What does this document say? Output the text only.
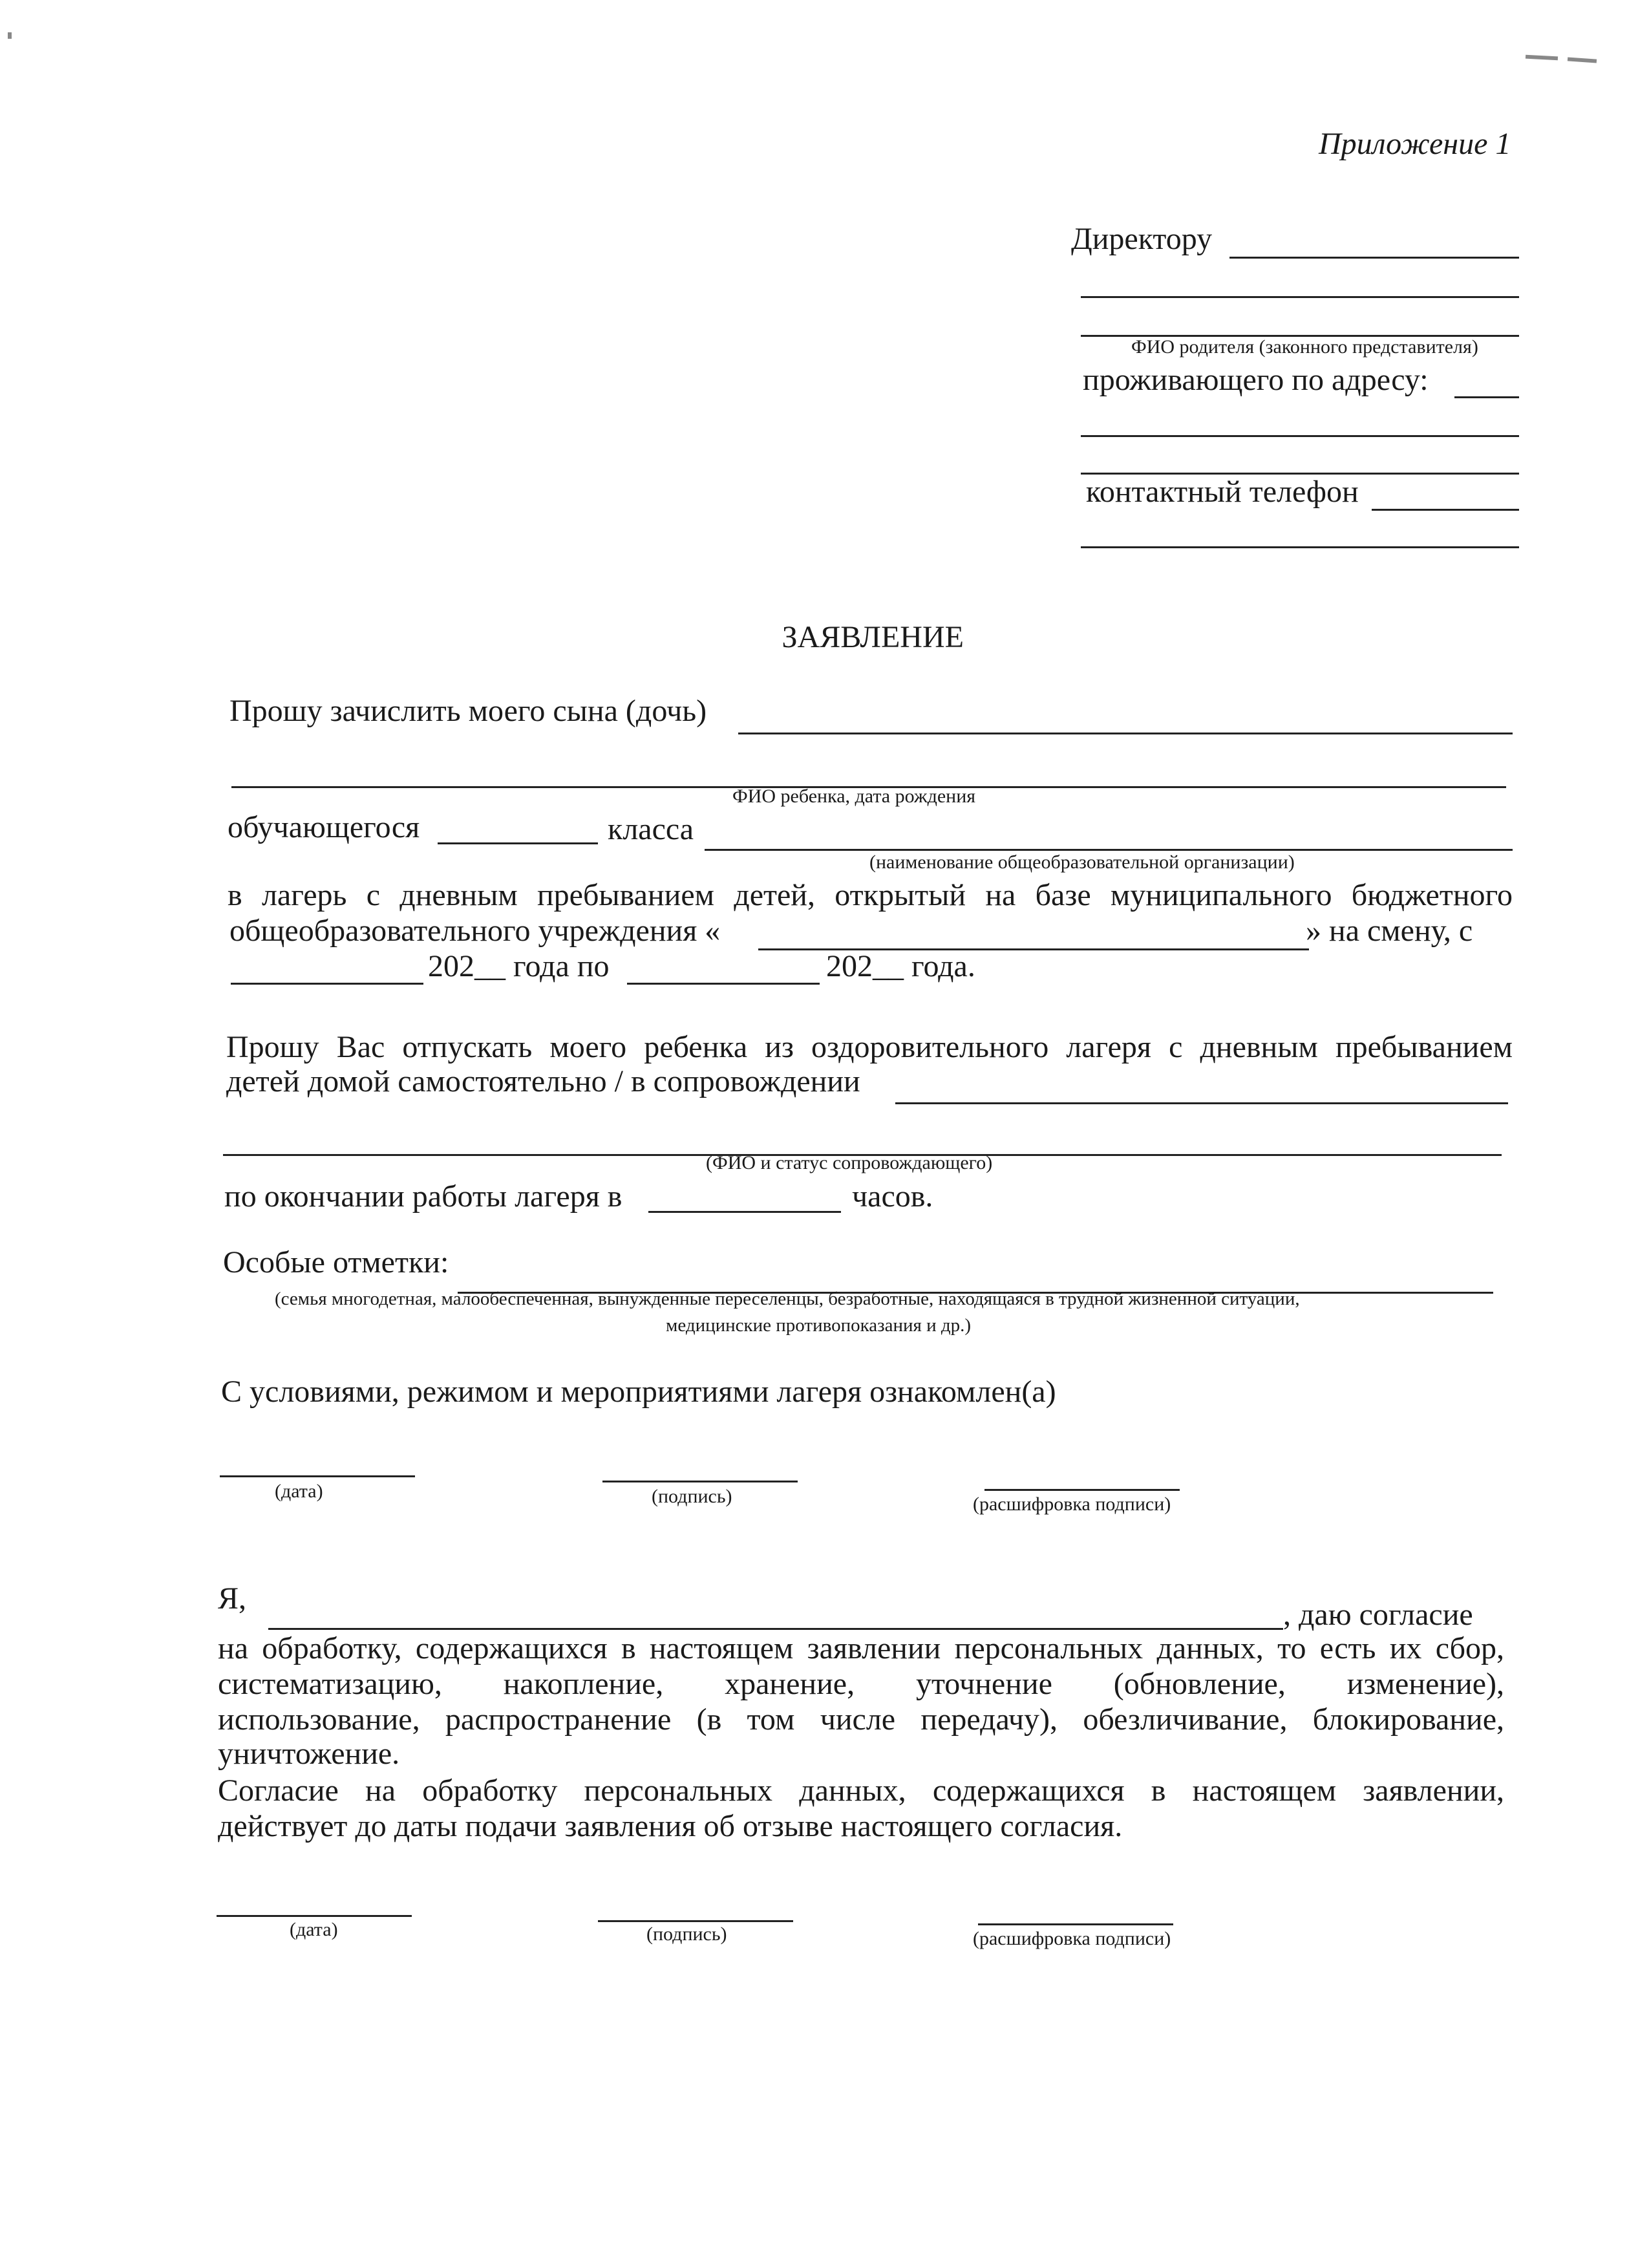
Приложение 1
Директору
ФИО родителя (законного представителя)
проживающего по адресу:
контактный телефон
ЗАЯВЛЕНИЕ
Прошу зачислить моего сына (дочь)
ФИО ребенка, дата рождения
обучающегося	класса
(наименование общеобразовательной организации)
в лагерь с дневным пребыванием детей, открытый на базе муниципального бюджетного
общеобразовательного учреждения «	» на смену, с
202__ года по	202__ года.
Прошу Вас отпускать моего ребенка из оздоровительного лагеря с дневным пребыванием
детей домой самостоятельно / в сопровождении
(ФИО и статус сопровождающего)
по окончании работы лагеря в	часов.
Особые отметки:
(семья многодетная, малообеспеченная, вынужденные переселенцы, безработные, находящаяся в трудной жизненной ситуации,
медицинские противопоказания и др.)
С условиями, режимом и мероприятиями лагеря ознакомлен(а)
(дата)	(подпись)	(расшифровка подписи)
Я,	, даю согласие
на обработку, содержащихся в настоящем заявлении персональных данных, то есть их сбор,
систематизацию, накопление, хранение, уточнение (обновление, изменение),
использование, распространение (в том числе передачу), обезличивание, блокирование,
уничтожение.
Согласие на обработку персональных данных, содержащихся в настоящем заявлении,
действует до даты подачи заявления об отзыве настоящего согласия.
(дата)	(подпись)	(расшифровка подписи)
